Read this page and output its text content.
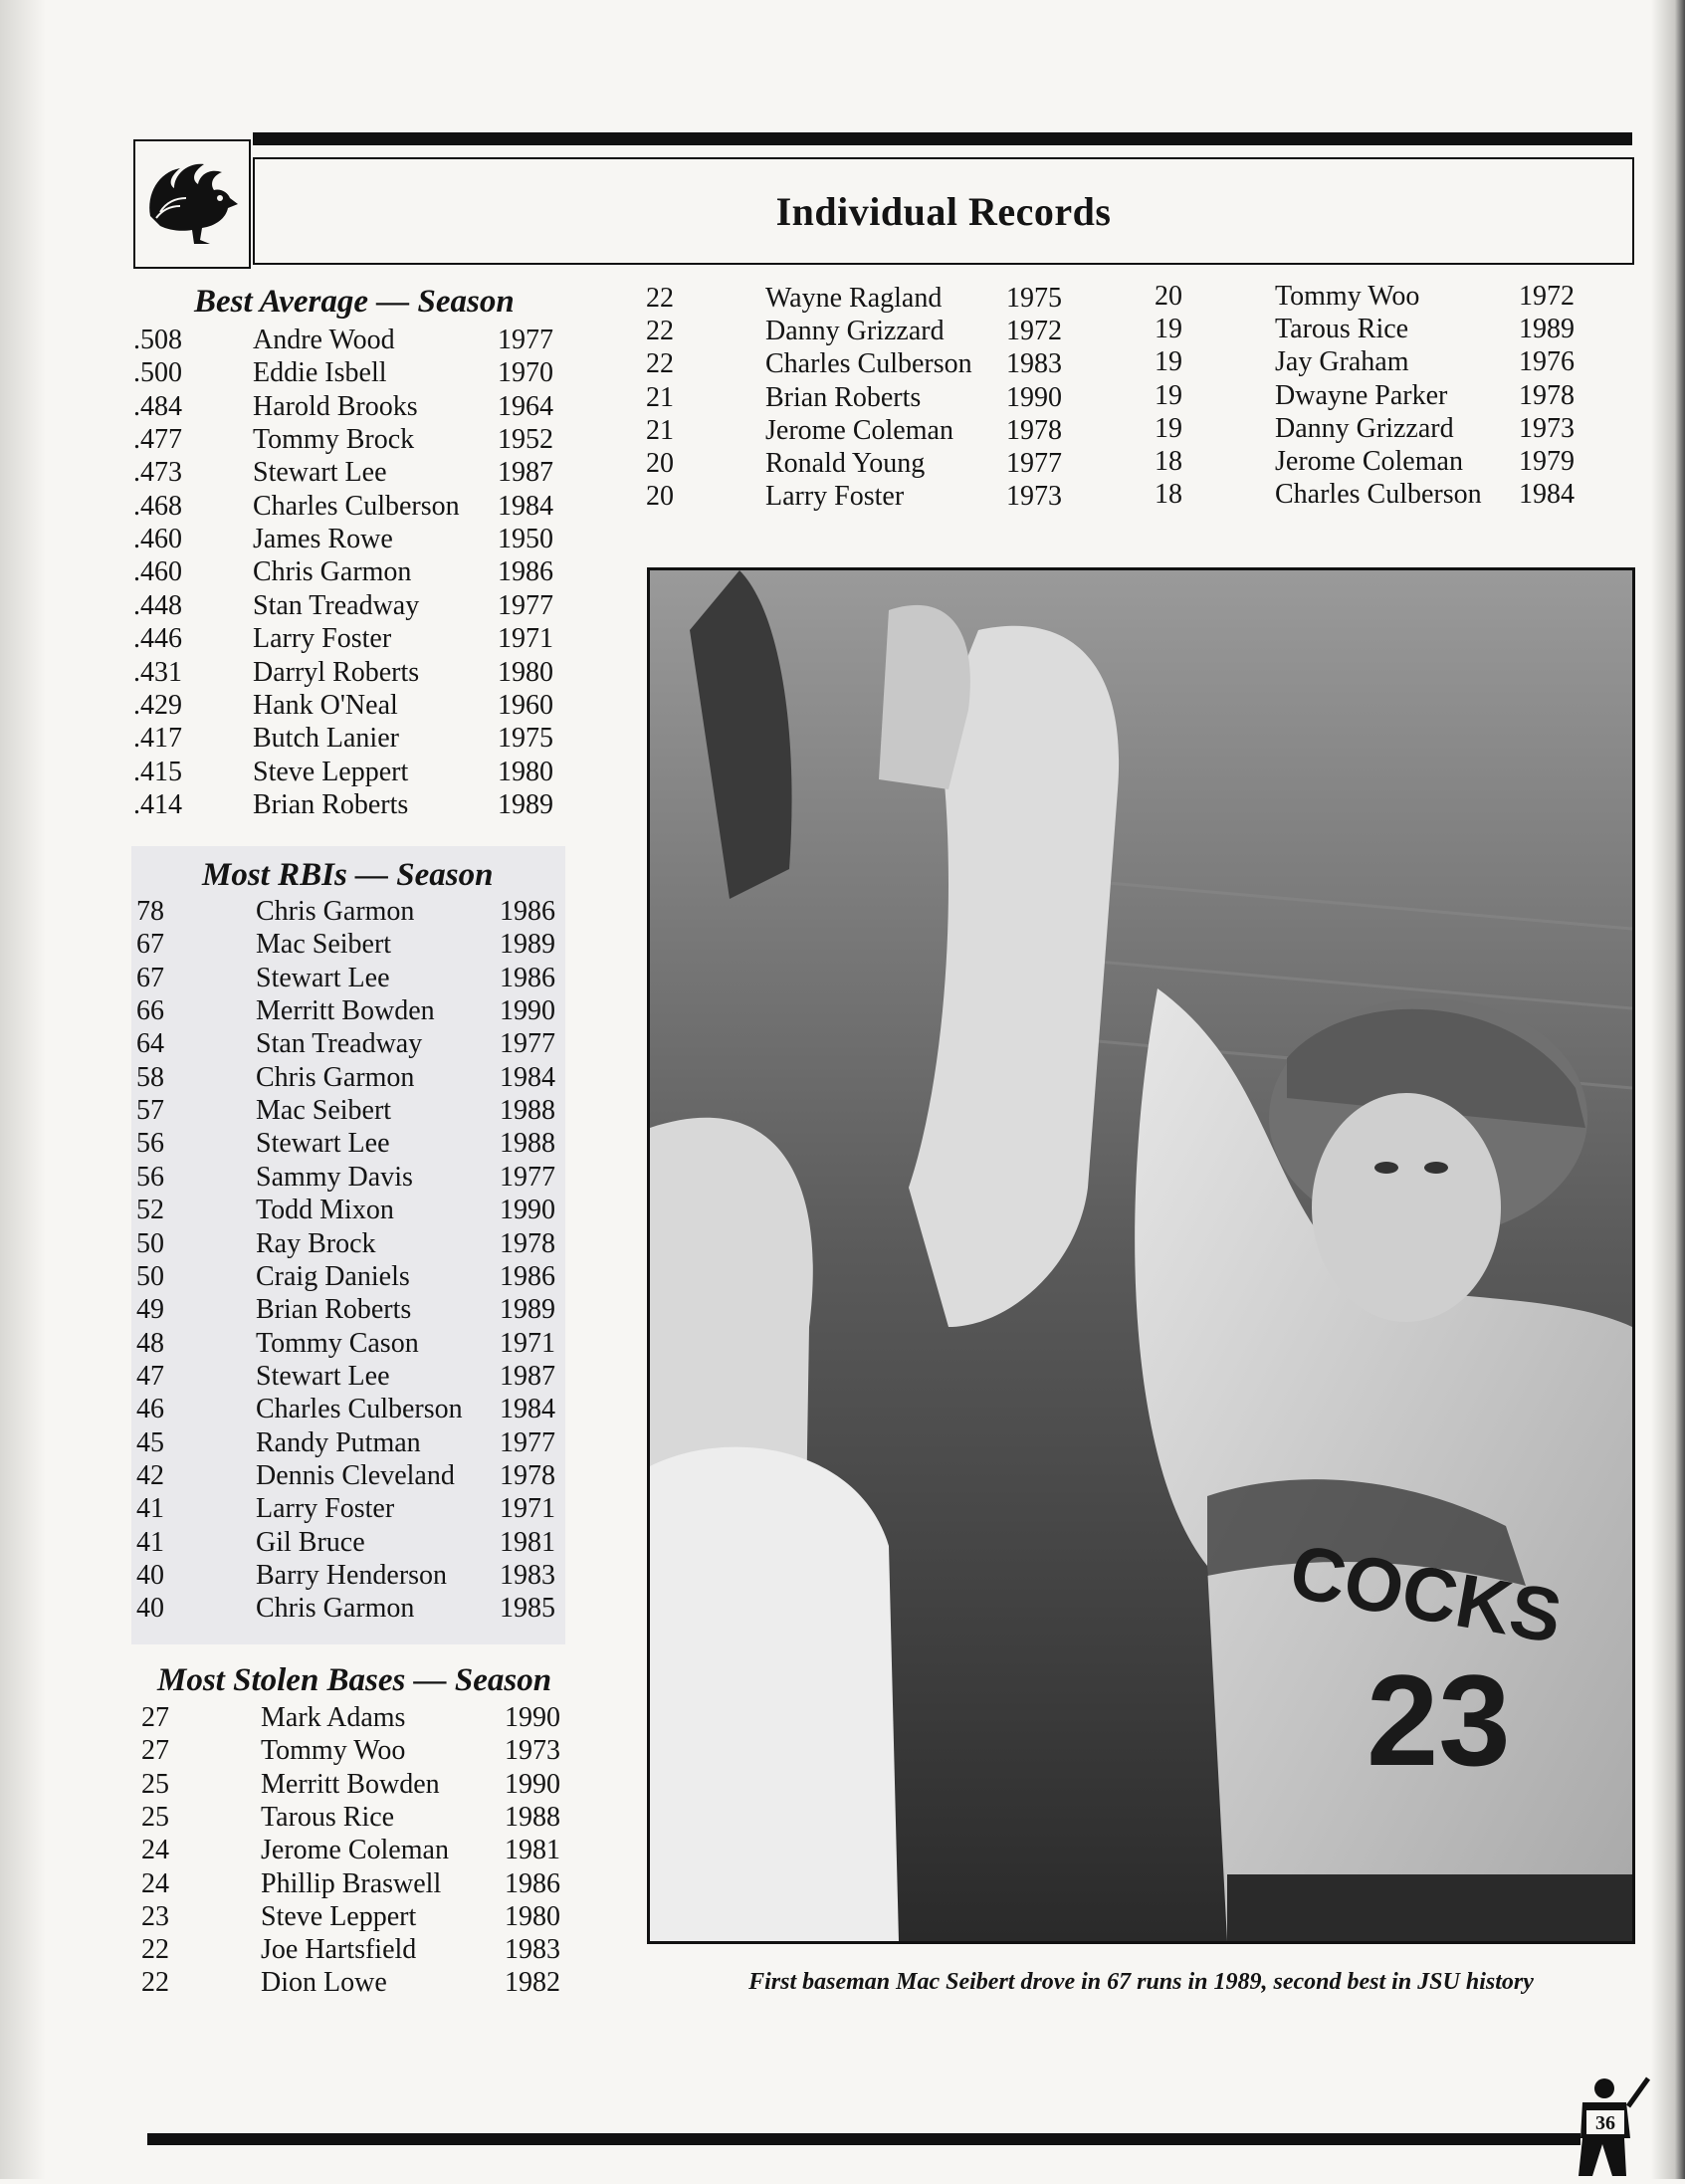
Individual Records
Best Average — Season
.508	Andre Wood	1977
.500	Eddie Isbell	1970
.484	Harold Brooks	1964
.477	Tommy Brock	1952
.473	Stewart Lee	1987
.468	Charles Culberson 1984
.460	James Rowe	1950
.460	Chris Garmon	1986
.448	Stan Treadway	1977
.446	Larry Foster	1971
.431	Darryl Roberts	1980
.429	Hank O'Neal	1960
.417	Butch Lanier	1975
.415	Steve Leppert	1980
.414	Brian Roberts	1989
Most RBIs — Season
78	Chris Garmon	1986
67	Mac Seibert	1989
67	Stewart Lee	1986
66	Merritt Bowden 1990
64	Stan Treadway	1977
58	Chris Garmon	1984
57	Mac Seibert	1988
56	Stewart Lee	1988
56	Sammy Davis	1977
52	Todd Mixon	1990
50	Ray Brock	1978
50	Craig Daniels	1986
49	Brian Roberts	1989
48	Tommy Cason	1971
47	Stewart Lee	1987
46	Charles Culberson 1984
45	Randy Putman	1977
42	Dennis Cleveland 1978
41	Larry Foster	1971
41	Gil Bruce	1981
40	Barry Henderson 1983
40	Chris Garmon	1985
Most Stolen Bases — Season
27	Mark Adams	1990
27	Tommy Woo	1973
25	Merritt Bowden 1990
25	Tarous Rice	1988
24	Jerome Coleman 1981
24	Phillip Braswell 1986
23	Steve Leppert	1980
22	Joe Hartsfield	1983
22	Dion Lowe	1982
22	Wayne Ragland 1975
22	Danny Grizzard 1972
22	Charles Culberson 1983
21	Brian Roberts	1990
21	Jerome Coleman 1978
20	Ronald Young	1977
20	Larry Foster	1973
20	Tommy Woo	1972
19	Tarous Rice	1989
19	Jay Graham	1976
19	Dwayne Parker	1978
19	Danny Grizzard 1973
18	Jerome Coleman 1979
18	Charles Culberson 1984
COCKS
23
First baseman Mac Seibert drove in 67 runs in 1989, second best in JSU history
36
